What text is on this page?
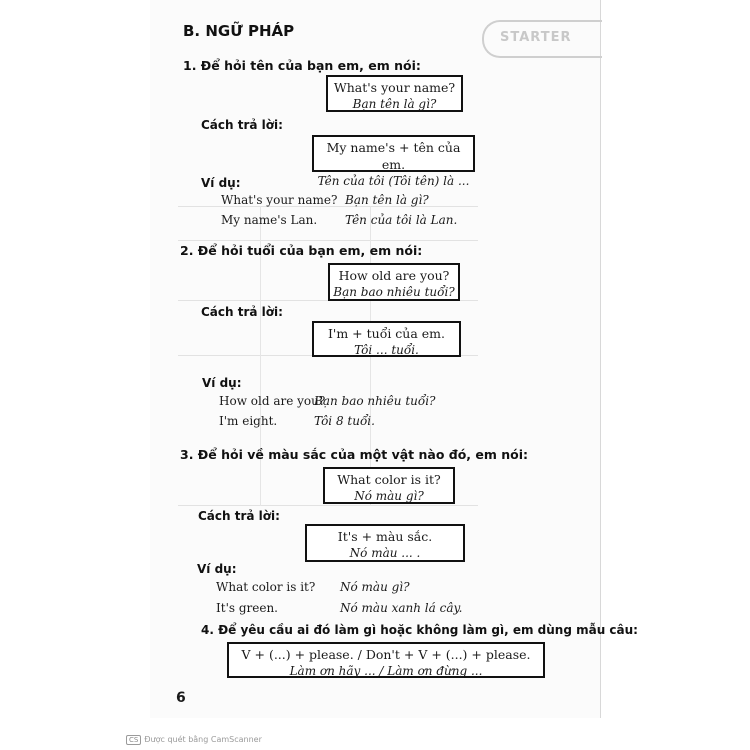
STARTER
B. NGỮ PHÁP
1. Để hỏi tên của bạn em, em nói:
What's your name?
Bạn tên là gì?
Cách trả lời:
My name's + tên của em.
Tên của tôi (Tôi tên) là ...
Ví dụ:
What's your name? Bạn tên là gì?
My name's Lan. Tên của tôi là Lan.
2. Để hỏi tuổi của bạn em, em nói:
How old are you?
Bạn bao nhiêu tuổi?
Cách trả lời:
I'm + tuổi của em.
Tôi ... tuổi.
Ví dụ:
How old are you?
Bạn bao nhiêu tuổi?
I'm eight.	Tôi 8 tuổi.
3. Để hỏi về màu sắc của một vật nào đó, em nói:
What color is it?
Nó màu gì?
Cách trả lời:
It's + màu sắc.
Nó màu ... .
Ví dụ:
What color is it? Nó màu gì?
It's green.	Nó màu xanh lá cây.
4. Để yêu cầu ai đó làm gì hoặc không làm gì, em dùng mẫu câu:
V + (...) + please. / Don't + V + (...) + please.
Làm ơn hãy ... / Làm ơn đừng ...
6
CS Được quét bằng CamScanner
